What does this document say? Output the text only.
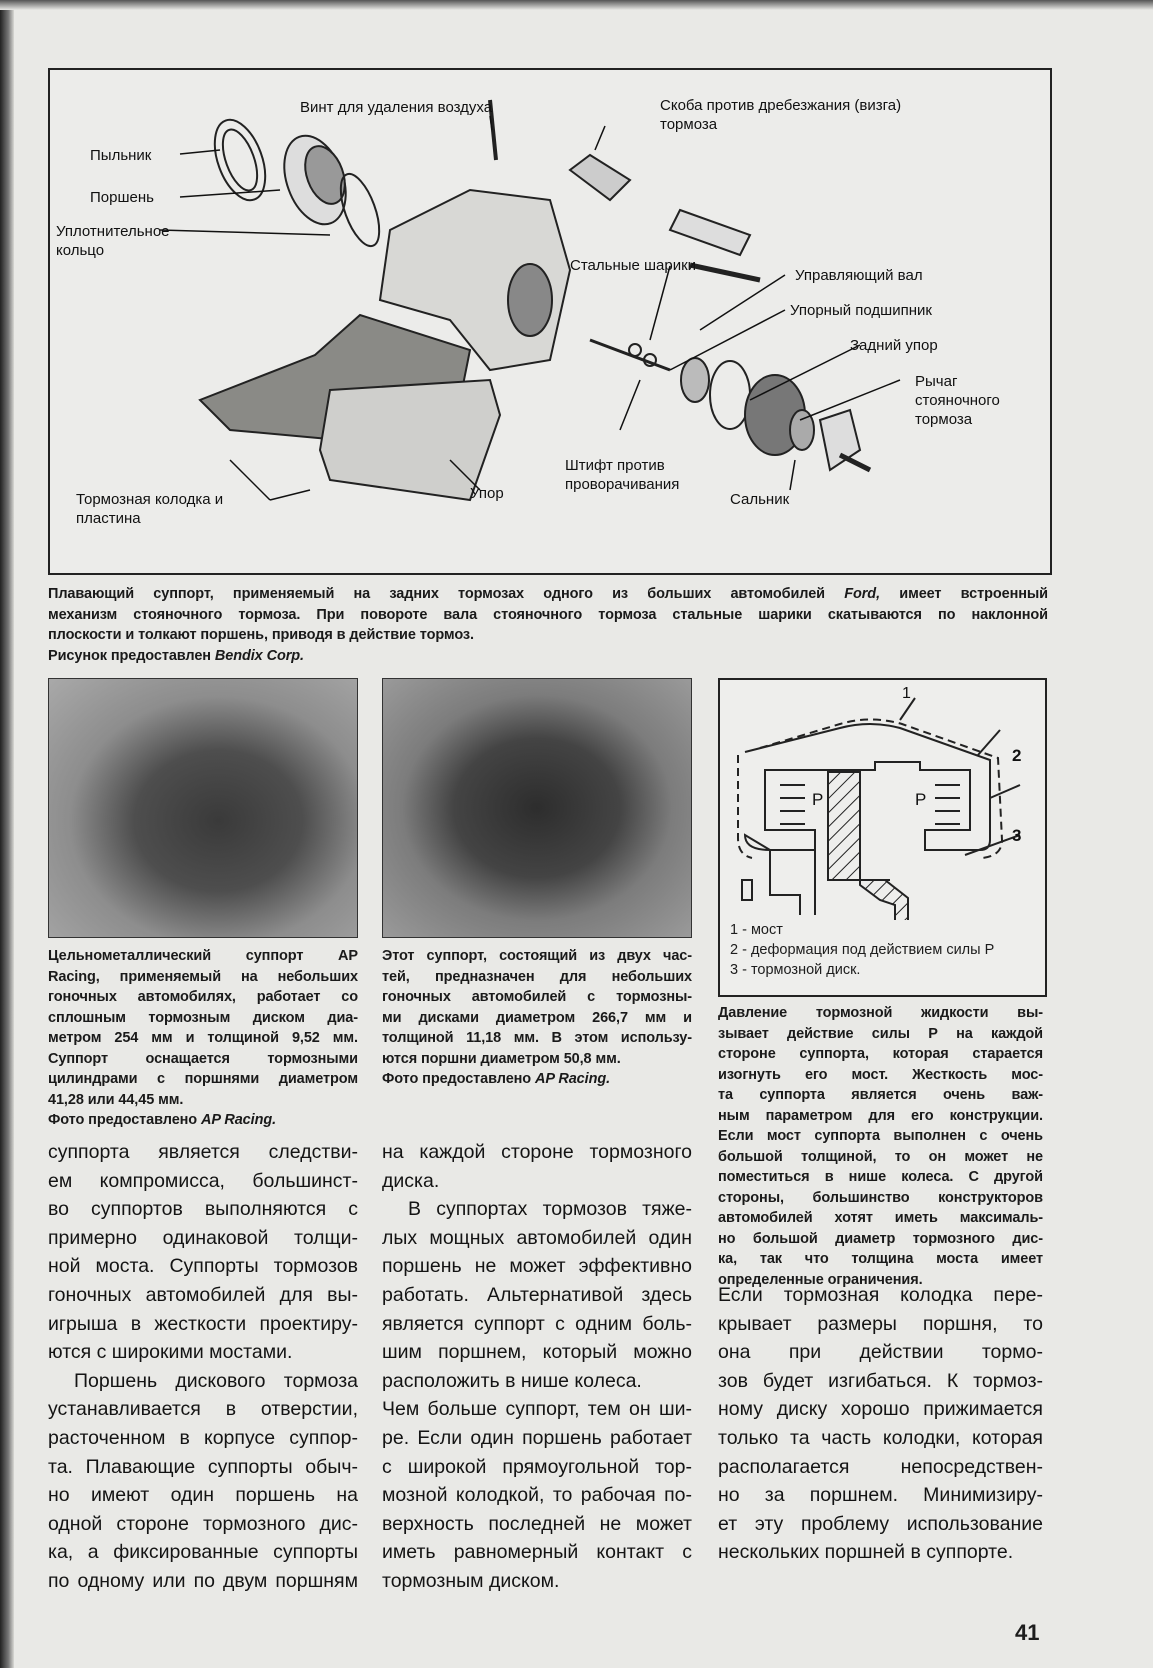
Винт для удаления воздуха
Пыльник
Поршень
Уплотнительное
кольцо
Скоба против дребезжания (визга)
тормоза
Стальные шарики
Управляющий вал
Упорный подшипник
Задний упор
Рычаг
стояночного
тормоза
Штифт против
проворачивания
Упор	Сальник
Тормозная колодка и
пластина
Плавающий суппорт, применяемый на задних тормозах одного из больших автомобилей Ford, имеет встроенный
механизм стояночного тормоза. При повороте вала стояночного тормоза стальные шарики скатываются по наклонной
плоскости и толкают поршень, приводя в действие тормоз.
Рисунок предоставлен Bendix Corp.
Цельнометаллический суппорт AP
Racing, применяемый на небольших
гоночных автомобилях, работает со
сплошным тормозным диском диа-
метром 254 мм и толщиной 9,52 мм.
Суппорт оснащается тормозными
цилиндрами с поршнями диаметром
41,28 или 44,45 мм.
Фото предоставлено AP Racing.
Этот суппорт, состоящий из двух час-
тей, предназначен для небольших
гоночных автомобилей с тормозны-
ми дисками диаметром 266,7 мм и
толщиной 11,18 мм. В этом использу-
ются поршни диаметром 50,8 мм.
Фото предоставлено AP Racing.
1
2
3
P	P
1 - мост
2 - деформация под действием силы Р
3 - тормозной диск.
Давление тормозной жидкости вы-
зывает действие силы Р на каждой
стороне суппорта, которая старается
изогнуть его мост. Жесткость мос-
та суппорта является очень важ-
ным параметром для его конструкции.
Если мост суппорта выполнен с очень
большой толщиной, то он может не
поместиться в нише колеса. С другой
стороны, большинство конструкторов
автомобилей хотят иметь максималь-
но большой диаметр тормозного дис-
ка, так что толщина моста имеет
определенные ограничения.
суппорта является следстви-
ем компромисса, большинст-
во суппортов выполняются с
примерно одинаковой толщи-
ной моста. Суппорты тормозов
гоночных автомобилей для вы-
игрыша в жесткости проектиру-
ются с широкими мостами.
Поршень дискового тормоза
устанавливается в отверстии,
расточенном в корпусе суппор-
та. Плавающие суппорты обыч-
но имеют один поршень на
одной стороне тормозного дис-
ка, а фиксированные суппорты
по одному или по двум поршням
на каждой стороне тормозного
диска.
В суппортах тормозов тяже-
лых мощных автомобилей один
поршень не может эффективно
работать. Альтернативой здесь
является суппорт с одним боль-
шим поршнем, который можно
расположить в нише колеса.
Чем больше суппорт, тем он ши-
ре. Если один поршень работает
с широкой прямоугольной тор-
мозной колодкой, то рабочая по-
верхность последней не может
иметь равномерный контакт с
тормозным диском.
Если тормозная колодка пере-
крывает размеры поршня, то
она при действии тормо-
зов будет изгибаться. К тормоз-
ному диску хорошо прижимается
только та часть колодки, которая
располагается непосредствен-
но за поршнем. Минимизиру-
ет эту проблему использование
нескольких поршней в суппорте.
41
